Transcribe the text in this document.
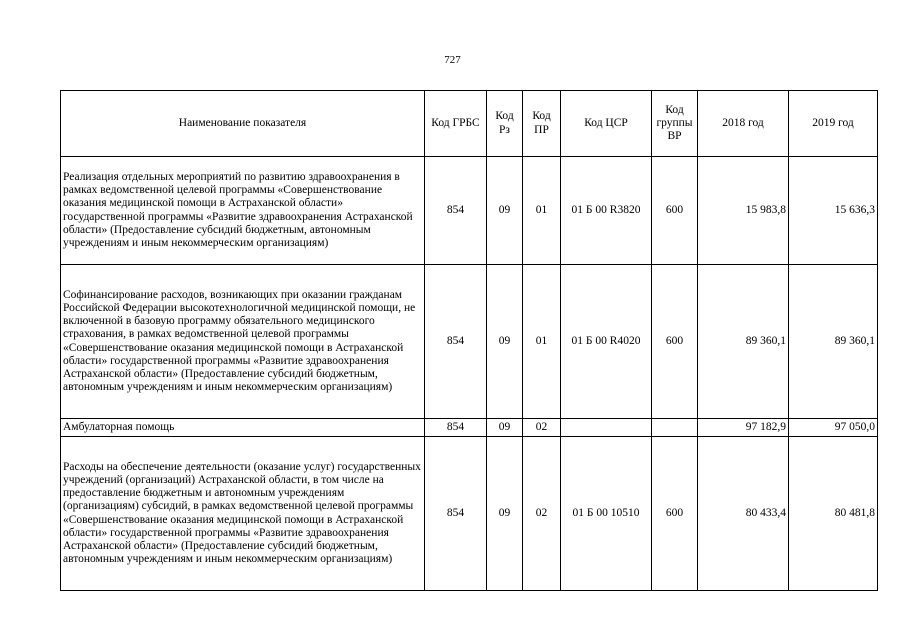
727
Наименование показателя	Код ГРБС	Код Рз	Код ПР	Код ЦСР	Код группы ВР	2018 год	2019 год
Реализация отдельных мероприятий по развитию здравоохранения в рамках ведомственной целевой программы «Совершенствование оказания медицинской помощи в Астраханской области» государственной программы «Развитие здравоохранения Астраханской области» (Предоставление субсидий бюджетным, автономным учреждениям и иным некоммерческим организациям)	854	09	01	01 Б 00 R3820	600	15 983,8	15 636,3
Софинансирование расходов, возникающих при оказании гражданам Российской Федерации высокотехнологичной медицинской помощи, не включенной в базовую программу обязательного медицинского страхования, в рамках ведомственной целевой программы «Совершенствование оказания медицинской помощи в Астраханской области» государственной программы «Развитие здравоохранения Астраханской области» (Предоставление субсидий бюджетным, автономным учреждениям и иным некоммерческим организациям)	854	09	01	01 Б 00 R4020	600	89 360,1	89 360,1
Амбулаторная помощь	854	09	02			97 182,9	97 050,0
Расходы на обеспечение деятельности (оказание услуг) государственных учреждений (организаций) Астраханской области, в том числе на предоставление бюджетным и автономным учреждениям (организациям) субсидий, в рамках ведомственной целевой программы «Совершенствование оказания медицинской помощи в Астраханской области» государственной программы «Развитие здравоохранения Астраханской области» (Предоставление субсидий бюджетным, автономным учреждениям и иным некоммерческим организациям)	854	09	02	01 Б 00 10510	600	80 433,4	80 481,8
